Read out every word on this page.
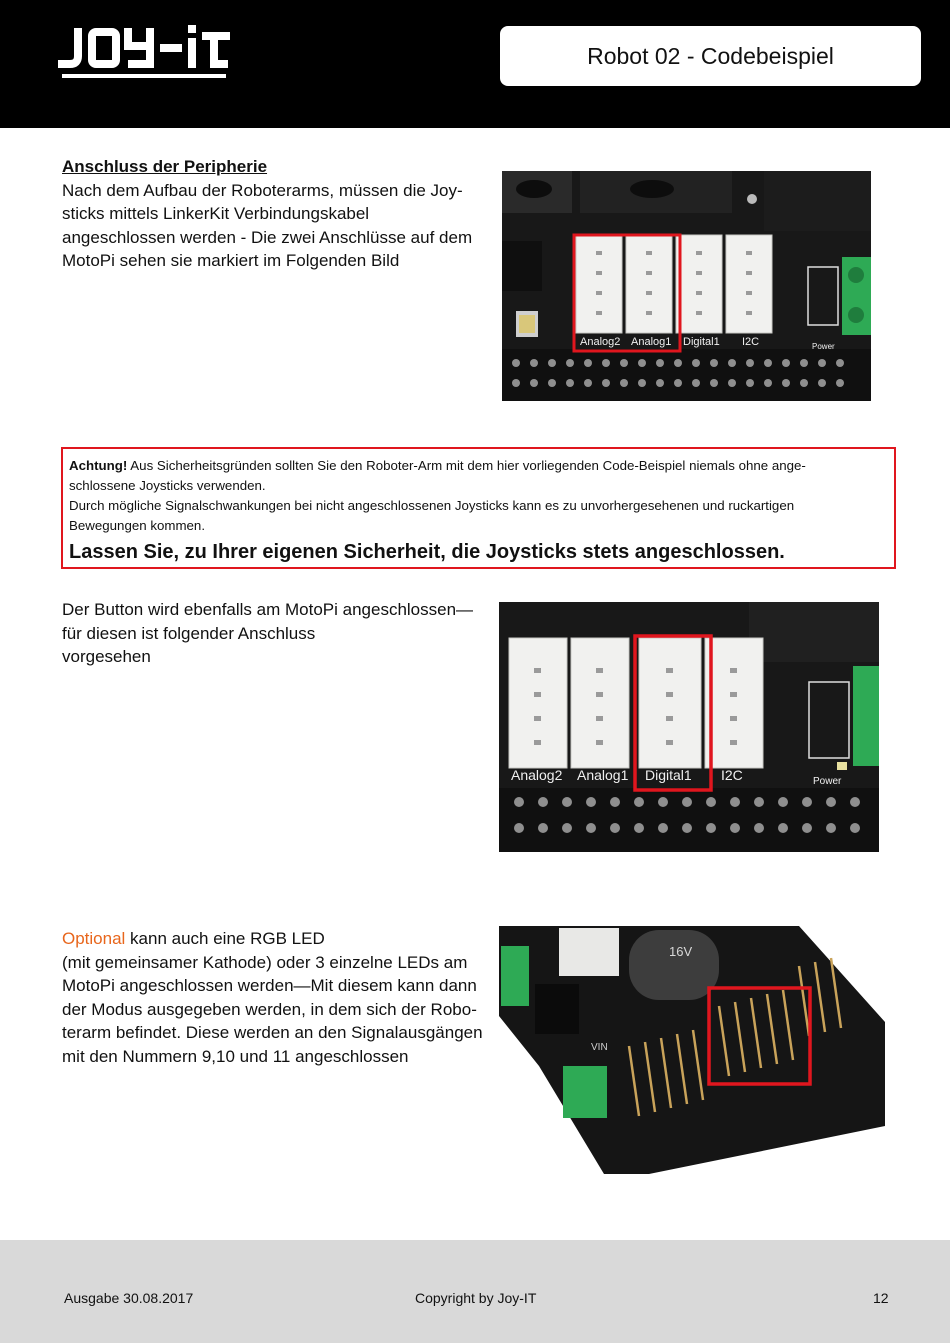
Robot 02 - Codebeispiel
Anschluss der Peripherie
Nach dem Aufbau der Roboterarms, müssen die Joy-
sticks mittels LinkerKit Verbindungskabel
angeschlossen werden - Die zwei Anschlüsse auf dem
MotoPi sehen sie markiert im Folgenden Bild
Analog2 Analog1 Digital1 I2C	Power

Achtung! Aus Sicherheitsgründen sollten Sie den Roboter-Arm mit dem hier vorliegenden Code-Beispiel niemals ohne ange-

schlossene Joysticks verwenden.

Durch mögliche Signalschwankungen bei nicht angeschlossenen Joysticks kann es zu unvorhergesehenen und ruckartigen

Bewegungen kommen.

Lassen Sie, zu Ihrer eigenen Sicherheit, die Joysticks stets angeschlossen.

Der Button wird ebenfalls am MotoPi angeschlossen—
für diesen ist folgender Anschluss
vorgesehen
Analog2 Analog1 Digital1 I2C	Power
Optional kann auch eine RGB LED
(mit gemeinsamer Kathode) oder 3 einzelne LEDs am
MotoPi angeschlossen werden—Mit diesem kann dann
der Modus ausgegeben werden, in dem sich der Robo-
terarm befindet. Diese werden an den Signalausgängen
mit den Nummern 9,10 und 11 angeschlossen
16V
VIN
Ausgabe 30.08.2017	Copyright by Joy-IT	12
